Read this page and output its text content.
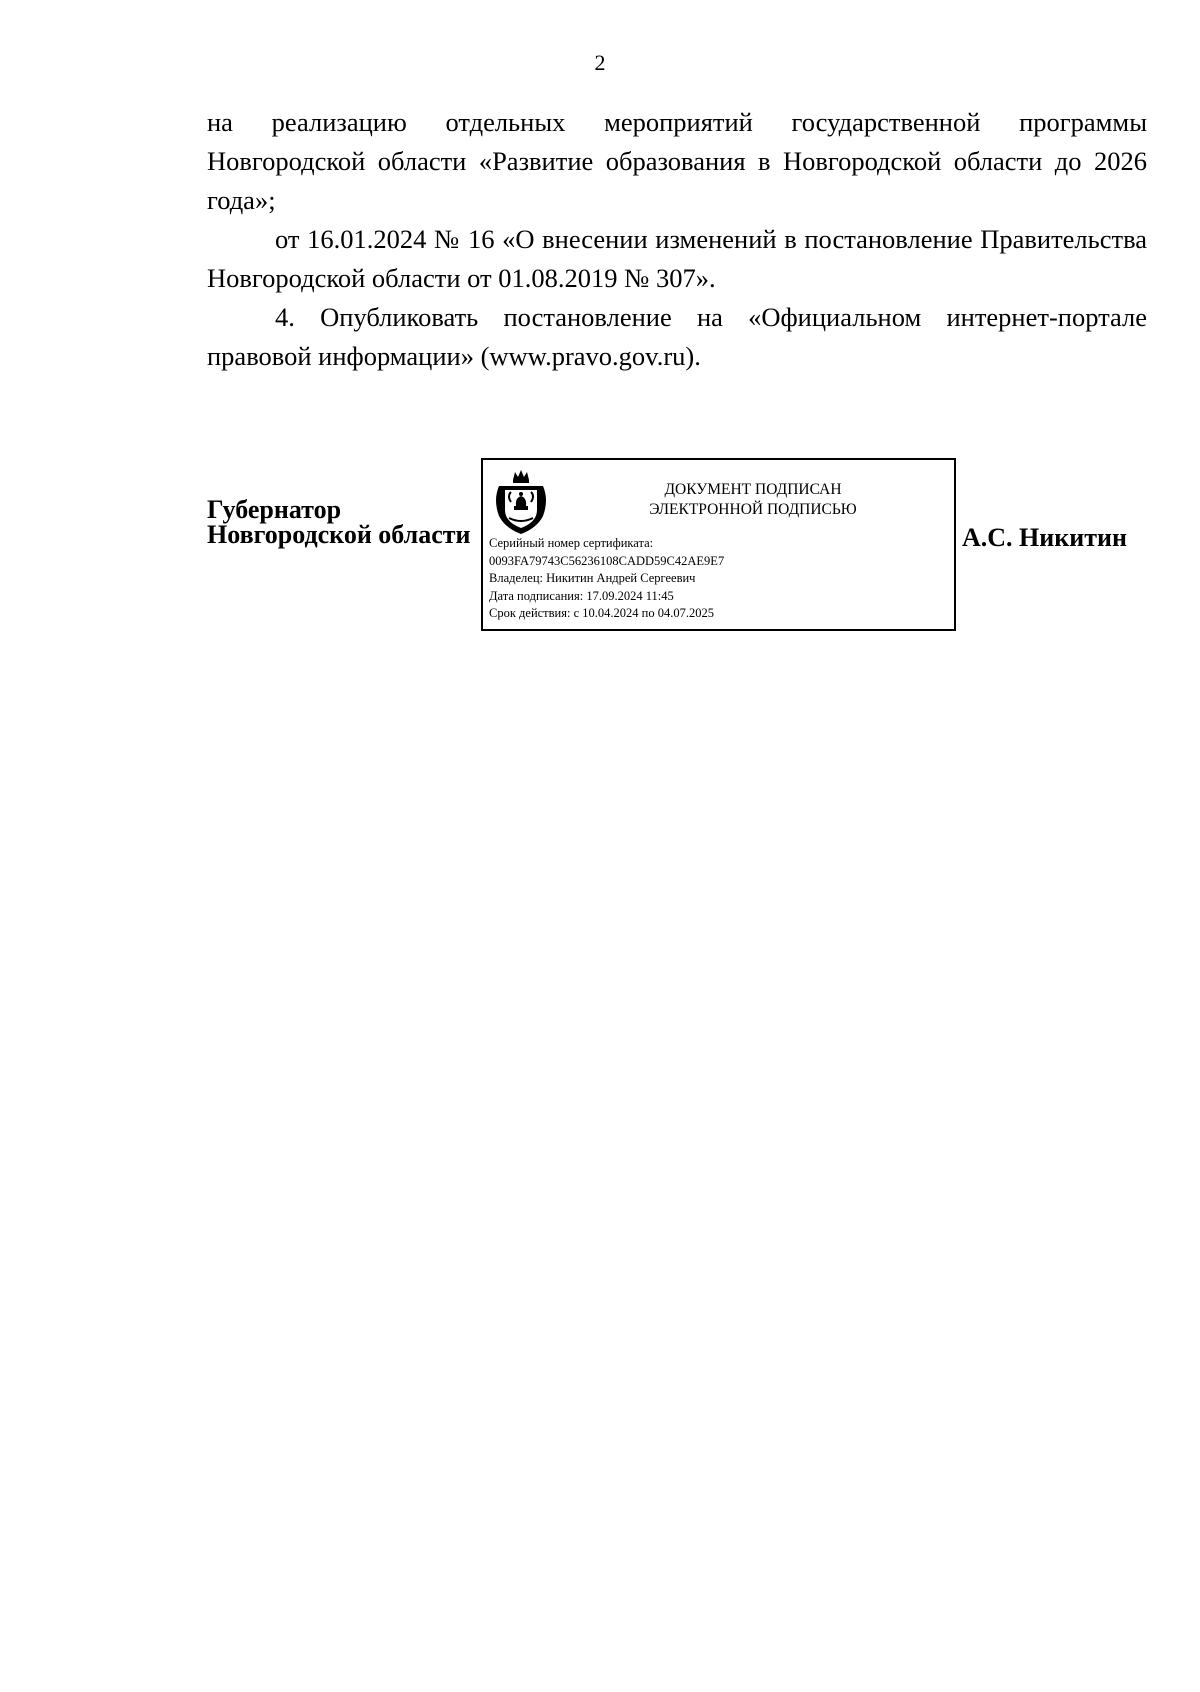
2

на реализацию отдельных мероприятий государственной программы Новгородской области «Развитие образования в Новгородской области до 2026 года»;

от 16.01.2024 № 16 «О внесении изменений в постановление Правительства Новгородской области от 01.08.2019 № 307».

4. Опубликовать постановление на «Официальном интернет-портале правовой информации» (www.pravo.gov.ru).

Губернатор
Новгородской области
ДОКУМЕНТ ПОДПИСАН
ЭЛЕКТРОННОЙ ПОДПИСЬЮ
Серийный номер сертификата:
0093FA79743C56236108CADD59C42AE9E7
Владелец: Никитин Андрей Сергеевич
Дата подписания: 17.09.2024 11:45
Срок действия: с 10.04.2024 по 04.07.2025
А.С. Никитин
